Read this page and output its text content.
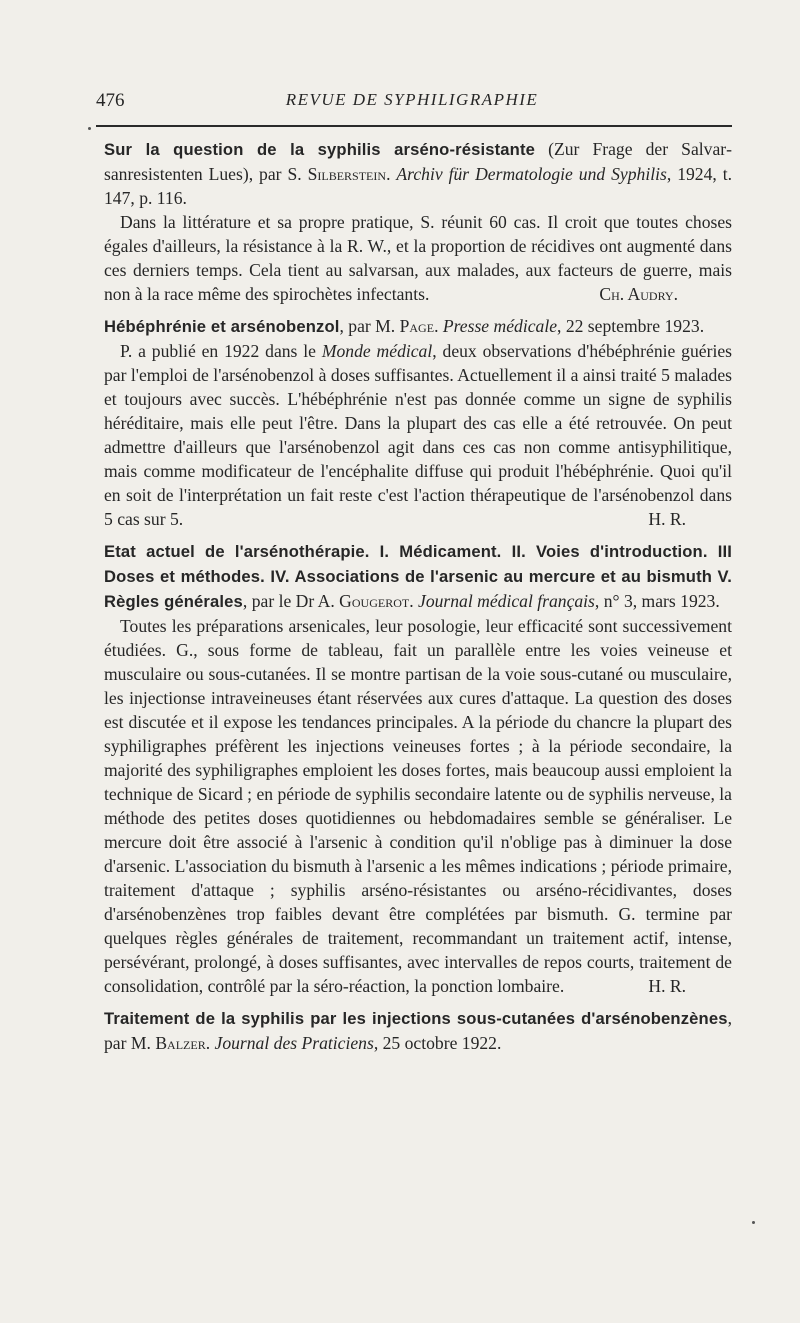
476	REVUE DE SYPHILIGRAPHIE
Sur la question de la syphilis arséno-résistante (Zur Frage der Salvarsanresistenten Lues), par S. Silberstein. Archiv für Dermatologie und Syphilis, 1924, t. 147, p. 116.
Dans la littérature et sa propre pratique, S. réunit 60 cas. Il croit que toutes choses égales d'ailleurs, la résistance à la R. W., et la proportion de récidives ont augmenté dans ces derniers temps. Cela tient au salvarsan, aux malades, aux facteurs de guerre, mais non à la race même des spirochètes infectants.	Ch. Audry.
Hébéphrénie et arsénobenzol, par M. Page. Presse médicale, 22 septembre 1923.
P. a publié en 1922 dans le Monde médical, deux observations d'hébéphrénie guéries par l'emploi de l'arsénobenzol à doses suffisantes. Actuellement il a ainsi traité 5 malades et toujours avec succès. L'hébéphrénie n'est pas donnée comme un signe de syphilis héréditaire, mais elle peut l'être. Dans la plupart des cas elle a été retrouvée. On peut admettre d'ailleurs que l'arsénobenzol agit dans ces cas non comme antisyphilitique, mais comme modificateur de l'encéphalite diffuse qui produit l'hébéphrénie. Quoi qu'il en soit de l'interprétation un fait reste c'est l'action thérapeutique de l'arsénobenzol dans 5 cas sur 5.	H. R.
Etat actuel de l'arsénothérapie. I. Médicament. II. Voies d'introduction. III Doses et méthodes. IV. Associations de l'arsenic au mercure et au bismuth V. Règles générales, par le Dr A. Gougerot. Journal médical français, n° 3, mars 1923.
Toutes les préparations arsenicales, leur posologie, leur efficacité sont successivement étudiées. G., sous forme de tableau, fait un parallèle entre les voies veineuse et musculaire ou sous-cutanées. Il se montre partisan de la voie sous-cutané ou musculaire, les injectionse intraveineuses étant réservées aux cures d'attaque. La question des doses est discutée et il expose les tendances principales. A la période du chancre la plupart des syphiligraphes préfèrent les injections veineuses fortes ; à la période secondaire, la majorité des syphiligraphes emploient les doses fortes, mais beaucoup aussi emploient la technique de Sicard ; en période de syphilis secondaire latente ou de syphilis nerveuse, la méthode des petites doses quotidiennes ou hebdomadaires semble se généraliser. Le mercure doit être associé à l'arsenic à condition qu'il n'oblige pas à diminuer la dose d'arsenic. L'association du bismuth à l'arsenic a les mêmes indications ; période primaire, traitement d'attaque ; syphilis arséno-résistantes ou arséno-récidivantes, doses d'arsénobenzènes trop faibles devant être complétées par bismuth. G. termine par quelques règles générales de traitement, recommandant un traitement actif, intense, persévérant, prolongé, à doses suffisantes, avec intervalles de repos courts, traitement de consolidation, contrôlé par la séro-réaction, la ponction lombaire.	H. R.
Traitement de la syphilis par les injections sous-cutanées d'arsénobenzènes, par M. Balzer. Journal des Praticiens, 25 octobre 1922.
